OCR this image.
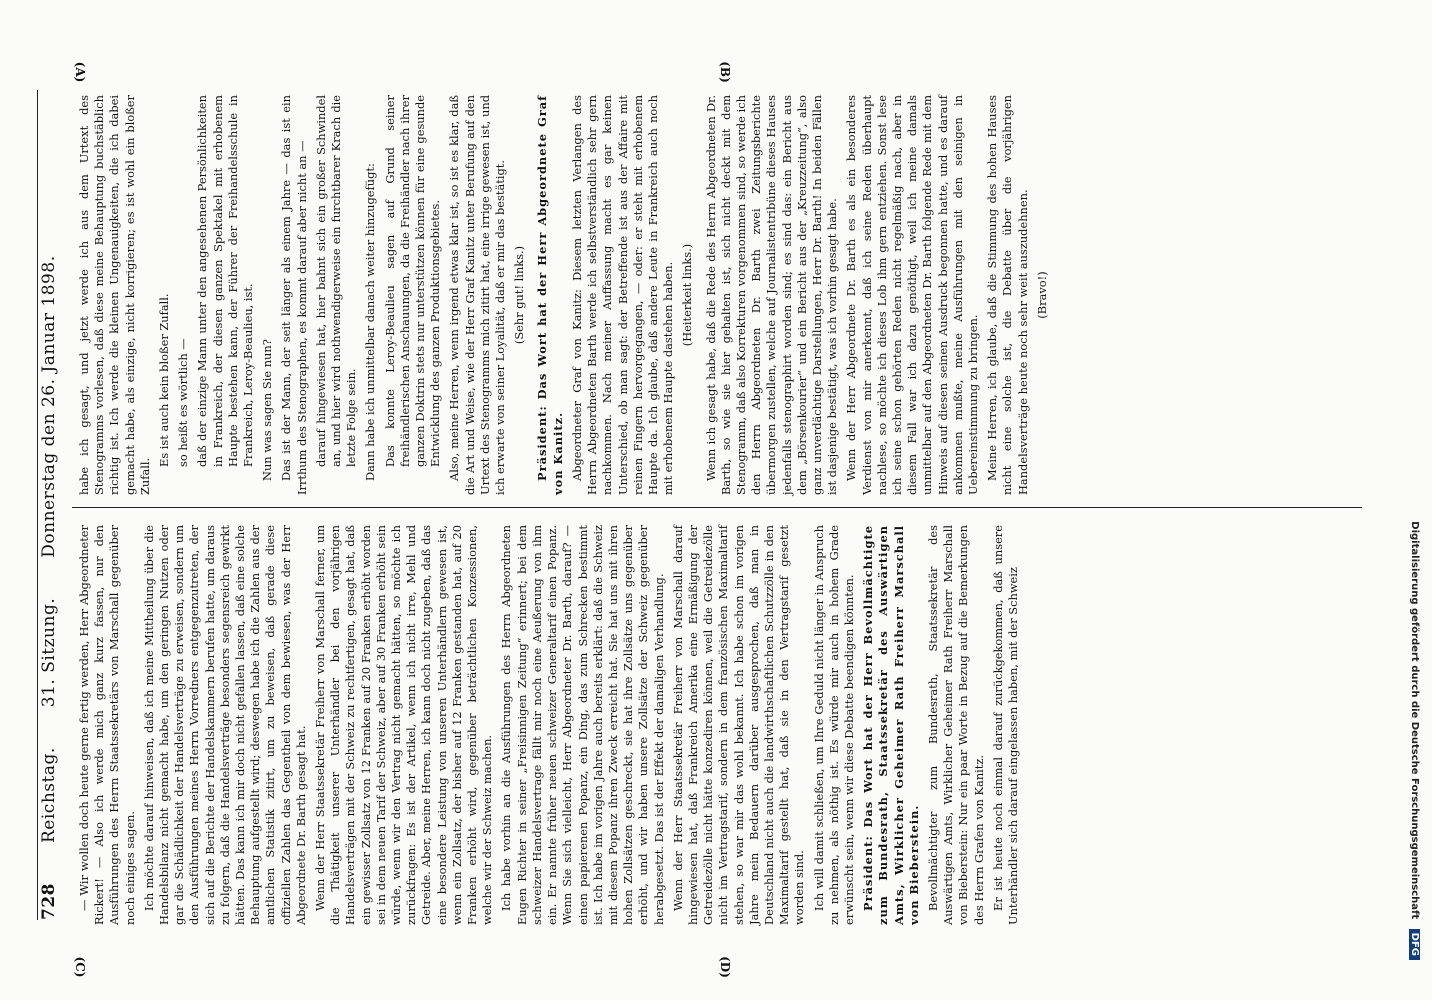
Digitalisierung gefördert durch die Deutsche Forschungsgemeinschaft DFG
(A)	(B)
(C)	(D)

habe ich gesagt, und jetzt werde ich aus dem Urtext des Stenogramms vorlesen, daß diese meine Behauptung buchstäblich richtig ist. Ich werde die kleinen Ungenauigkeiten, die ich dabei gemacht habe, als einzige, nicht korrigieren; es ist wohl ein bloßer Zufall.

Es ist auch kein bloßer Zufall. so heißt es wörtlich — daß der einzige Mann unter den angesehenen Persönlichkeiten in Frankreich, der diesen ganzen Spektakel mit erhobenem Haupte bestehen kann, der Führer der Freihandelsschule in Frankreich, Leroy-Beaulieu, ist. Nun was sagen Sie nun? Das ist der Mann, der seit länger als einem Jahre — das ist ein Irrthum des Stenographen, es kommt darauf aber nicht an — darauf hingewiesen hat, hier bahnt sich ein großer Schwindel an, und hier wird nothwendigerweise ein furchtbarer Krach die letzte Folge sein. Dann habe ich unmittelbar danach weiter hinzugefügt: Das konnte Leroy-Beaulieu sagen auf Grund seiner freihändlerischen Anschauungen, da die Freihändler nach ihrer ganzen Doktrin stets nur unterstützen können für eine gesunde Entwicklung des ganzen Produktionsgebietes. Also, meine Herren, wenn irgend etwas klar ist, so ist es klar, daß die Art und Weise, wie der Herr Graf Kanitz unter Berufung auf den Urtext des Stenogramms mich zitirt hat, eine irrige gewesen ist, und ich erwarte von seiner Loyalität, daß er mir das bestätigt. (Sehr gut! links.) Präsident: Das Wort hat der Herr Abgeordnete Graf von Kanitz. Abgeordneter Graf von Kanitz: Diesem letzten Verlangen des Herrn Abgeordneten Barth werde ich selbstverständlich sehr gern nachkommen. Nach meiner Auffassung macht es gar keinen Unterschied, ob man sagt: der Betreffende ist aus der Affaire mit reinen Fingern hervorgegangen, — oder: er steht mit erhobenem Haupte da. Ich glaube, daß andere Leute in Frankreich auch noch mit erhobenem Haupte dastehen haben. (Heiterkeit links.) Wenn ich gesagt habe, daß die Rede des Herrn Abgeordneten Dr. Barth, so wie sie hier gehalten ist, sich nicht deckt mit dem Stenogramm, daß also Korrekturen vorgenommen sind, so werde ich den Herrn Abgeordneten Dr. Barth zwei Zeitungsberichte übermorgen zustellen, welche auf Journalistentribüne dieses Hauses jedenfalls stenographirt worden sind; es sind das: ein Bericht aus dem „Börsenkourier“ und ein Bericht aus der „Kreuzzeitung“, also ganz unverdächtige Darstellungen, Herr Dr. Barth! In beiden Fällen ist dasjenige bestätigt, was ich vorhin gesagt habe. Wenn der Herr Abgeordnete Dr. Barth es als ein besonderes Verdienst von mir anerkennt, daß ich seine Reden überhaupt nachlese, so möchte ich dieses Lob ihm gern entziehen. Sonst lese ich seine schon gehörten Reden nicht regelmäßig nach, aber in diesem Fall war ich dazu genöthigt, weil ich meine damals unmittelbar auf den Abgeordneten Dr. Barth folgende Rede mit dem Hinweis auf diesen seinen Ausdruck begonnen hatte, und es darauf ankommen mußte, meine Ausführungen mit den seinigen in Uebereinstimmung zu bringen. Meine Herren, ich glaube, daß die Stimmung des hohen Hauses nicht eine solche ist, die Debatte über die vorjährigen Handelsverträge heute noch sehr weit auszudehnen. (Bravo!)

— Wir wollen doch heute gerne fertig werden, Herr Abgeordneter Rickert! — Also ich werde mich ganz kurz fassen, nur den Ausführungen des Herrn Staatssekretärs von Marschall gegenüber noch einiges sagen. Ich möchte darauf hinweisen, daß ich meine Mittheilung über die Handelsbilanz nicht gemacht habe, um den geringen Nutzen oder gar die Schädlichkeit der Handelsverträge zu erweisen, sondern um den Ausführungen meines Herrn Vorredners entgegenzutreten, der sich auf die Berichte der Handelskammern berufen hatte, um daraus zu folgern, daß die Handelsverträge besonders segensreich gewirkt hätten. Das kann ich mir doch nicht gefallen lassen, daß eine solche Behauptung aufgestellt wird; deswegen habe ich die Zahlen aus der amtlichen Statistik zitirt, um zu beweisen, daß gerade diese offiziellen Zahlen das Gegentheil von dem bewiesen, was der Herr Abgeordnete Dr. Barth gesagt hat. Wenn der Herr Staatssekretär Freiherr von Marschall ferner, um die Thätigkeit unserer Unterhändler bei den vorjährigen Handelsverträgen mit der Schweiz zu rechtfertigen, gesagt hat, daß ein gewisser Zollsatz von 12 Franken auf 20 Franken erhöht worden sei in dem neuen Tarif der Schweiz, aber auf 30 Franken erhöht sein würde, wenn wir den Vertrag nicht gemacht hätten, so möchte ich zurückfragen: Es ist der Artikel, wenn ich nicht irre, Mehl und Getreide. Aber, meine Herren, ich kann doch nicht zugeben, daß das eine besondere Leistung von unseren Unterhändlern gewesen ist, wenn ein Zollsatz, der bisher auf 12 Franken gestanden hat, auf 20 Franken erhöht wird, gegenüber beträchtlichen Konzessionen, welche wir der Schweiz machen. Ich habe vorhin an die Ausführungen des Herrn Abgeordneten Eugen Richter in seiner „Freisinnigen Zeitung“ erinnert; bei dem schweizer Handelsvertrage fällt mir noch eine Aeußerung von ihm ein. Er nannte früher neuen schweizer Generaltarif einen Popanz. Wenn Sie sich vielleicht, Herr Abgeordneter Dr. Barth, darauf? — einen papierenen Popanz, ein Ding, das zum Schrecken bestimmt ist. Ich habe im vorigen Jahre auch bereits erklärt: daß die Schweiz mit diesem Popanz ihren Zweck erreicht hat. Sie hat uns mit ihren hohen Zollsätzen geschreckt, sie hat ihre Zollsätze uns gegenüber erhöht, und wir haben unsere Zollsätze der Schweiz gegenüber herabgesetzt. Das ist der Effekt der damaligen Verhandlung. Wenn der Herr Staatssekretär Freiherr von Marschall darauf hingewiesen hat, daß Frankreich Amerika eine Ermäßigung der Getreidezölle nicht hätte konzediren können, weil die Getreidezölle nicht im Vertragstarif, sondern in dem französischen Maximaltarif stehen, so war mir das wohl bekannt. Ich habe schon im vorigen Jahre mein Bedauern darüber ausgesprochen, daß man in Deutschland nicht auch die landwirthschaftlichen Schutzzölle in den Maximaltarif gestellt hat, daß sie in den Vertragstarif gesetzt worden sind. Ich will damit schließen, um Ihre Geduld nicht länger in Anspruch zu nehmen, als nöthig ist. Es würde mir auch in hohem Grade erwünscht sein, wenn wir diese Debatte beendigen könnten. Präsident: Das Wort hat der Herr Bevollmächtigte zum Bundesrath, Staatssekretär des Auswärtigen Amts, Wirklicher Geheimer Rath Freiherr Marschall von Bieberstein. Bevollmächtigter zum Bundesrath, Staatssekretär des Auswärtigen Amts, Wirklicher Geheimer Rath Freiherr Marschall von Bieberstein: Nur ein paar Worte in Bezug auf die Bemerkungen des Herrn Grafen von Kanitz. Er ist heute noch einmal darauf zurückgekommen, daß unsere Unterhändler sich darauf eingelassen haben, mit der Schweiz

728
Reichstag.
31. Sitzung.
Donnerstag den 26. Januar 1898.
